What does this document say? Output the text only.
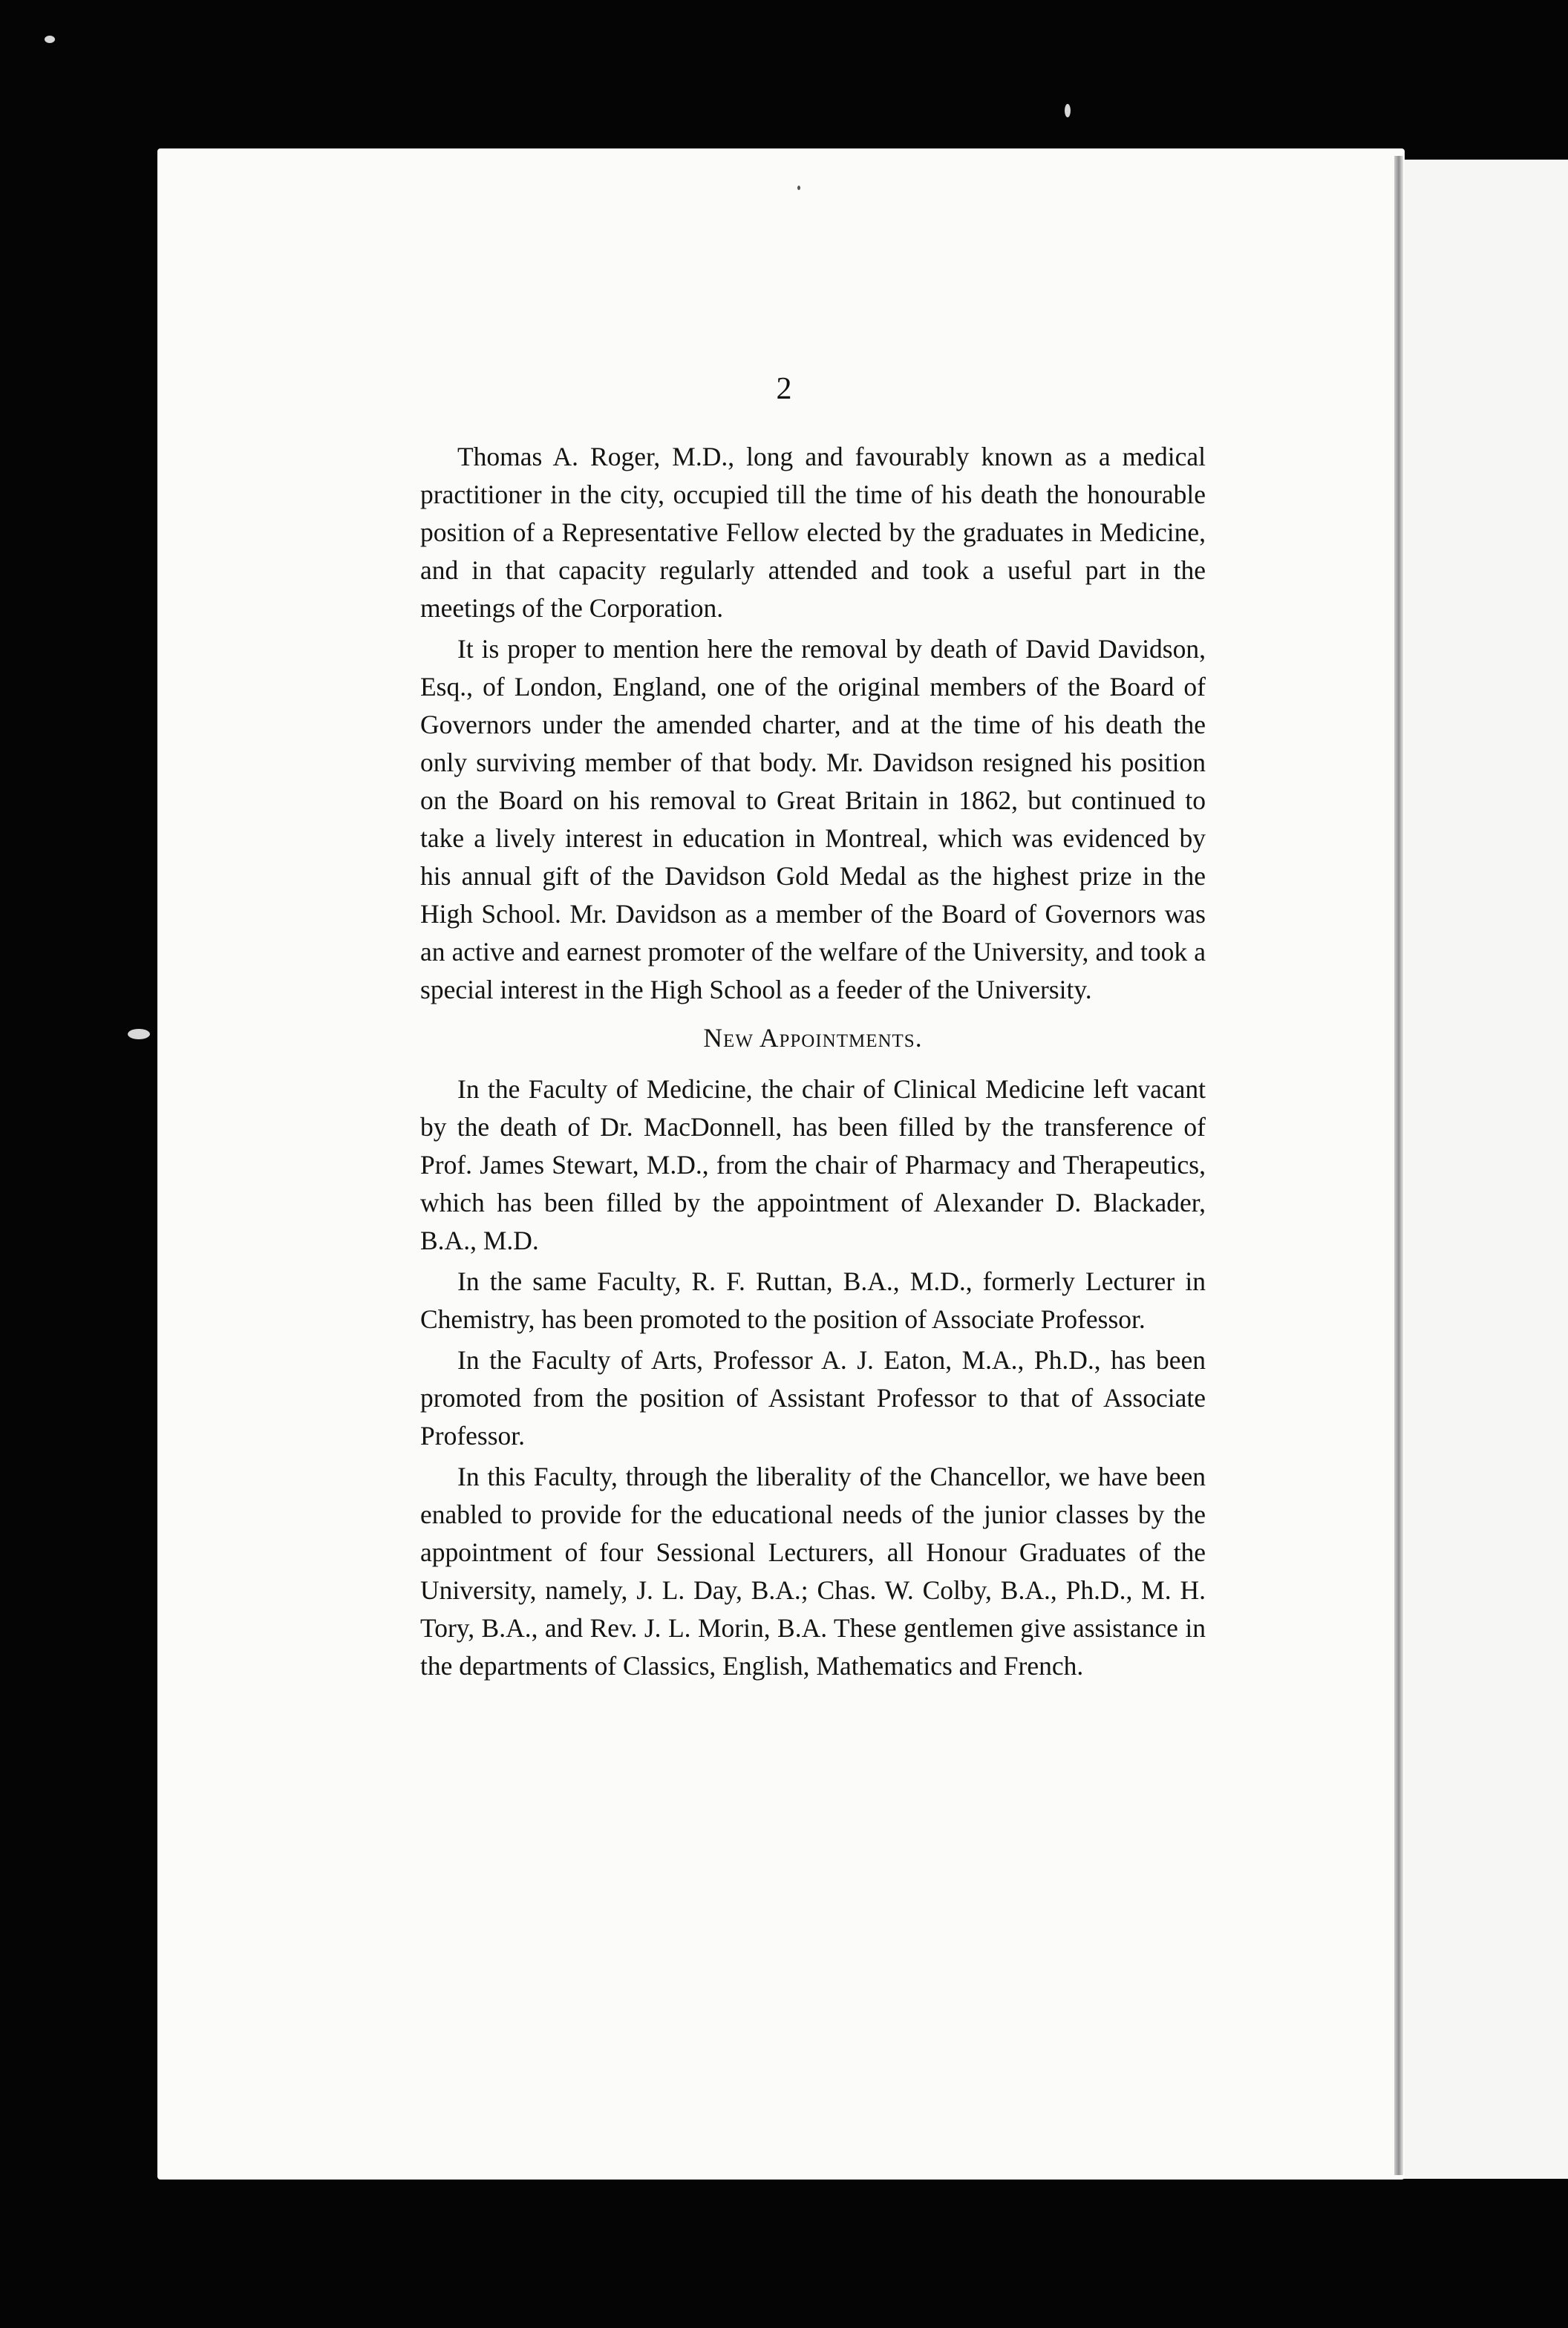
2

Thomas A. Roger, M.D., long and favourably known as a medical practitioner in the city, occupied till the time of his death the honourable position of a Representative Fellow elected by the graduates in Medicine, and in that capacity regularly attended and took a useful part in the meetings of the Corporation.

It is proper to mention here the removal by death of David Davidson, Esq., of London, England, one of the original members of the Board of Governors under the amended charter, and at the time of his death the only surviving member of that body. Mr. Davidson resigned his position on the Board on his removal to Great Britain in 1862, but continued to take a lively interest in education in Montreal, which was evidenced by his annual gift of the Davidson Gold Medal as the highest prize in the High School. Mr. Davidson as a member of the Board of Governors was an active and earnest promoter of the welfare of the University, and took a special interest in the High School as a feeder of the University.

New Appointments.

In the Faculty of Medicine, the chair of Clinical Medicine left vacant by the death of Dr. MacDonnell, has been filled by the transference of Prof. James Stewart, M.D., from the chair of Pharmacy and Therapeutics, which has been filled by the appointment of Alexander D. Blackader, B.A., M.D.

In the same Faculty, R. F. Ruttan, B.A., M.D., formerly Lecturer in Chemistry, has been promoted to the position of Associate Professor.

In the Faculty of Arts, Professor A. J. Eaton, M.A., Ph.D., has been promoted from the position of Assistant Professor to that of Associate Professor.

In this Faculty, through the liberality of the Chancellor, we have been enabled to provide for the educational needs of the junior classes by the appointment of four Sessional Lecturers, all Honour Graduates of the University, namely, J. L. Day, B.A.; Chas. W. Colby, B.A., Ph.D., M. H. Tory, B.A., and Rev. J. L. Morin, B.A. These gentlemen give assistance in the departments of Classics, English, Mathematics and French.
